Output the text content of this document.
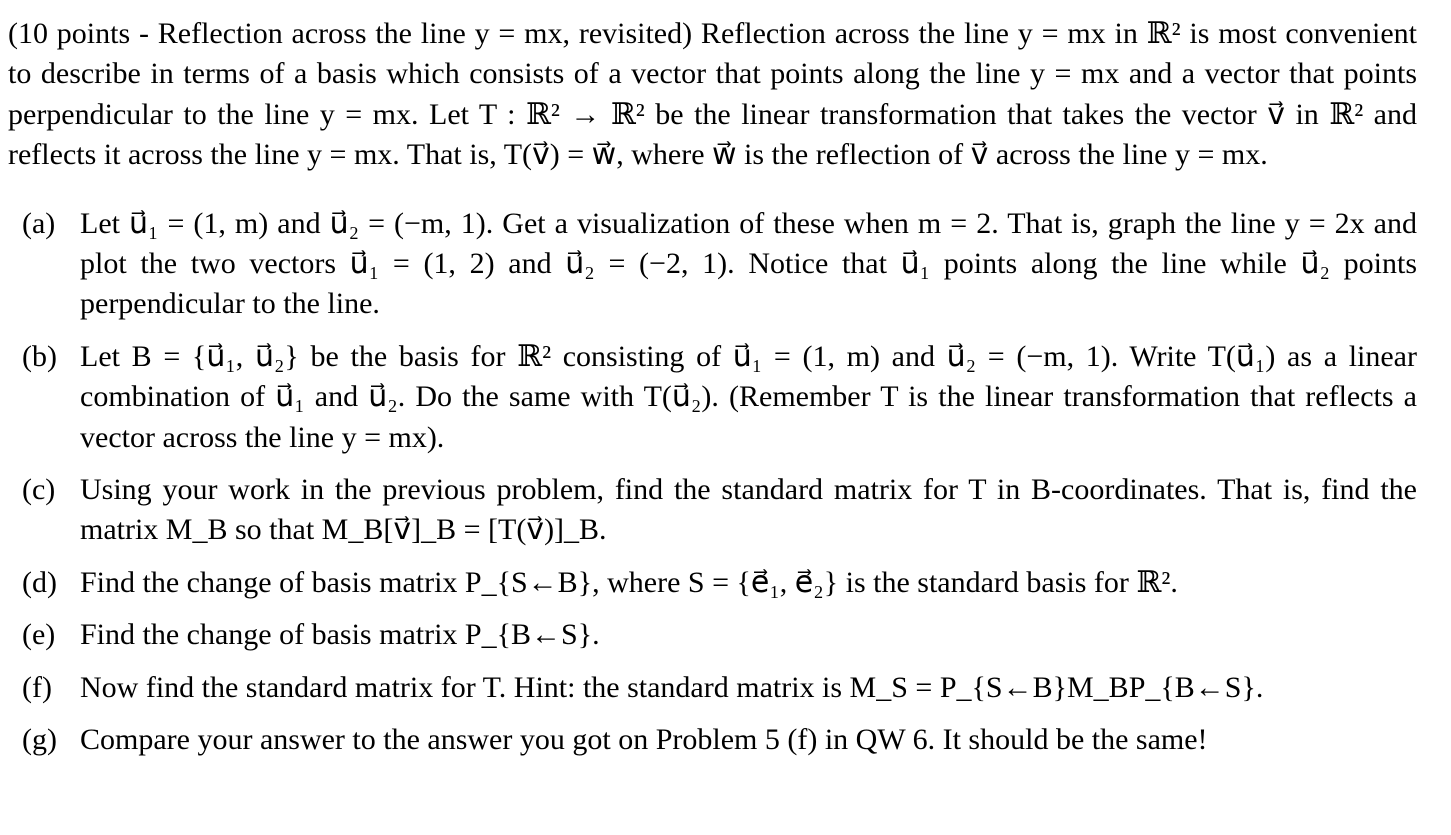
(10 points - Reflection across the line y = mx, revisited) Reflection across the line y = mx in ℝ² is most convenient to describe in terms of a basis which consists of a vector that points along the line y = mx and a vector that points perpendicular to the line y = mx. Let T : ℝ² → ℝ² be the linear transformation that takes the vector v⃗ in ℝ² and reflects it across the line y = mx. That is, T(v⃗) = w⃗, where w⃗ is the reflection of v⃗ across the line y = mx.

(a) Let u⃗₁ = (1, m) and u⃗₂ = (−m, 1). Get a visualization of these when m = 2. That is, graph the line y = 2x and plot the two vectors u⃗₁ = (1, 2) and u⃗₂ = (−2, 1). Notice that u⃗₁ points along the line while u⃗₂ points perpendicular to the line.
(b) Let B = {u⃗₁, u⃗₂} be the basis for ℝ² consisting of u⃗₁ = (1, m) and u⃗₂ = (−m, 1). Write T(u⃗₁) as a linear combination of u⃗₁ and u⃗₂. Do the same with T(u⃗₂). (Remember T is the linear transformation that reflects a vector across the line y = mx).
(c) Using your work in the previous problem, find the standard matrix for T in B-coordinates. That is, find the matrix M_B so that M_B[v⃗]_B = [T(v⃗)]_B.
(d) Find the change of basis matrix P_{S←B}, where S = {e⃗₁, e⃗₂} is the standard basis for ℝ².
(e) Find the change of basis matrix P_{B←S}.
(f) Now find the standard matrix for T. Hint: the standard matrix is M_S = P_{S←B}M_BP_{B←S}.
(g) Compare your answer to the answer you got on Problem 5 (f) in QW 6. It should be the same!
